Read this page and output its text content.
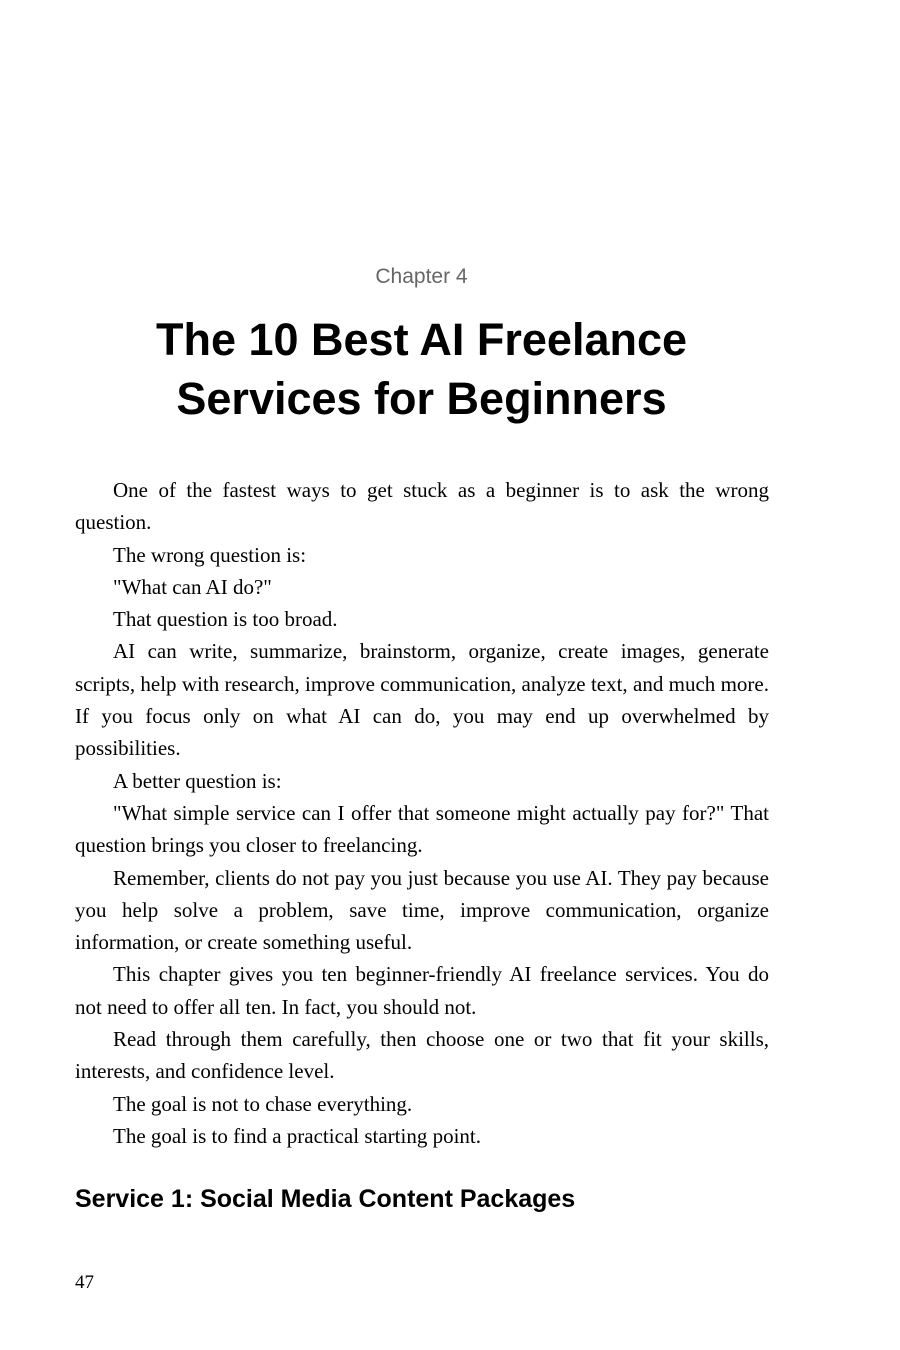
Chapter 4
The 10 Best AI Freelance
Services for Beginners

One of the fastest ways to get stuck as a beginner is to ask the wrong question.

The wrong question is:

"What can AI do?"

That question is too broad.

AI can write, summarize, brainstorm, organize, create images, generate scripts, help with research, improve communication, analyze text, and much more. If you focus only on what AI can do, you may end up overwhelmed by possibilities.

A better question is:

"What simple service can I offer that someone might actually pay for?" That question brings you closer to freelancing.

Remember, clients do not pay you just because you use AI. They pay because you help solve a problem, save time, improve communication, organize information, or create something useful.

This chapter gives you ten beginner-friendly AI freelance services. You do not need to offer all ten. In fact, you should not.

Read through them carefully, then choose one or two that fit your skills, interests, and confidence level.

The goal is not to chase everything.

The goal is to find a practical starting point.

Service 1: Social Media Content Packages
47
